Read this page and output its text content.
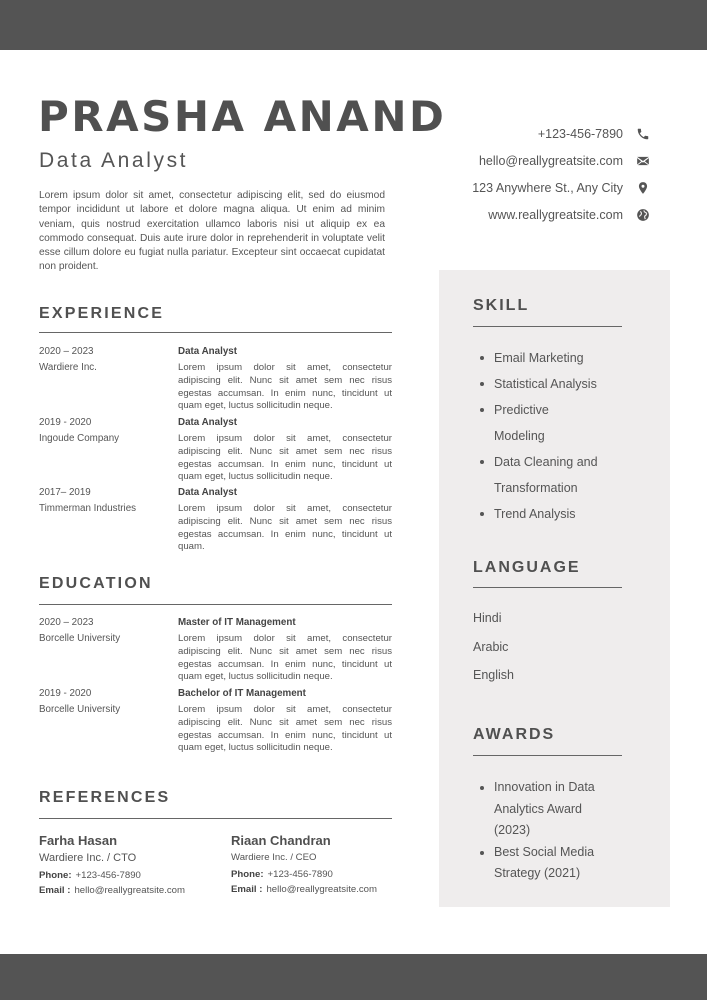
PRASHA ANAND
Data Analyst

Lorem ipsum dolor sit amet, consectetur adipiscing elit, sed do eiusmod tempor incididunt ut labore et dolore magna aliqua. Ut enim ad minim veniam, quis nostrud exercitation ullamco laboris nisi ut aliquip ex ea commodo consequat. Duis aute irure dolor in reprehenderit in voluptate velit esse cillum dolore eu fugiat nulla pariatur. Excepteur sint occaecat cupidatat non proident.

+123-456-7890
hello@reallygreatsite.com
123 Anywhere St., Any City
www.reallygreatsite.com
EXPERIENCE
2020 – 2023
Wardiere Inc.
Data Analyst
Lorem ipsum dolor sit amet, consectetur adipiscing elit. Nunc sit amet sem nec risus egestas accumsan. In enim nunc, tincidunt ut quam eget, luctus sollicitudin neque.
2019 - 2020
Ingoude Company
Data Analyst
Lorem ipsum dolor sit amet, consectetur adipiscing elit. Nunc sit amet sem nec risus egestas accumsan. In enim nunc, tincidunt ut quam eget, luctus sollicitudin neque.
2017– 2019
Timmerman Industries
Data Analyst
Lorem ipsum dolor sit amet, consectetur adipiscing elit. Nunc sit amet sem nec risus egestas accumsan. In enim nunc, tincidunt ut quam.
EDUCATION
2020 – 2023
Borcelle University
Master of IT Management
Lorem ipsum dolor sit amet, consectetur adipiscing elit. Nunc sit amet sem nec risus egestas accumsan. In enim nunc, tincidunt ut quam eget, luctus sollicitudin neque.
2019 - 2020
Borcelle University
Bachelor of IT Management
Lorem ipsum dolor sit amet, consectetur adipiscing elit. Nunc sit amet sem nec risus egestas accumsan. In enim nunc, tincidunt ut quam eget, luctus sollicitudin neque.
REFERENCES
Farha Hasan
Wardiere Inc. / CTO
Phone: +123-456-7890
Email : hello@reallygreatsite.com
Riaan Chandran
Wardiere Inc. / CEO
Phone: +123-456-7890
Email : hello@reallygreatsite.com
SKILL
Email Marketing
Statistical Analysis
Predictive Modeling
Data Cleaning and Transformation
Trend Analysis
LANGUAGE
Hindi
Arabic
English
AWARDS
Innovation in Data Analytics Award (2023)
Best Social Media Strategy (2021)
